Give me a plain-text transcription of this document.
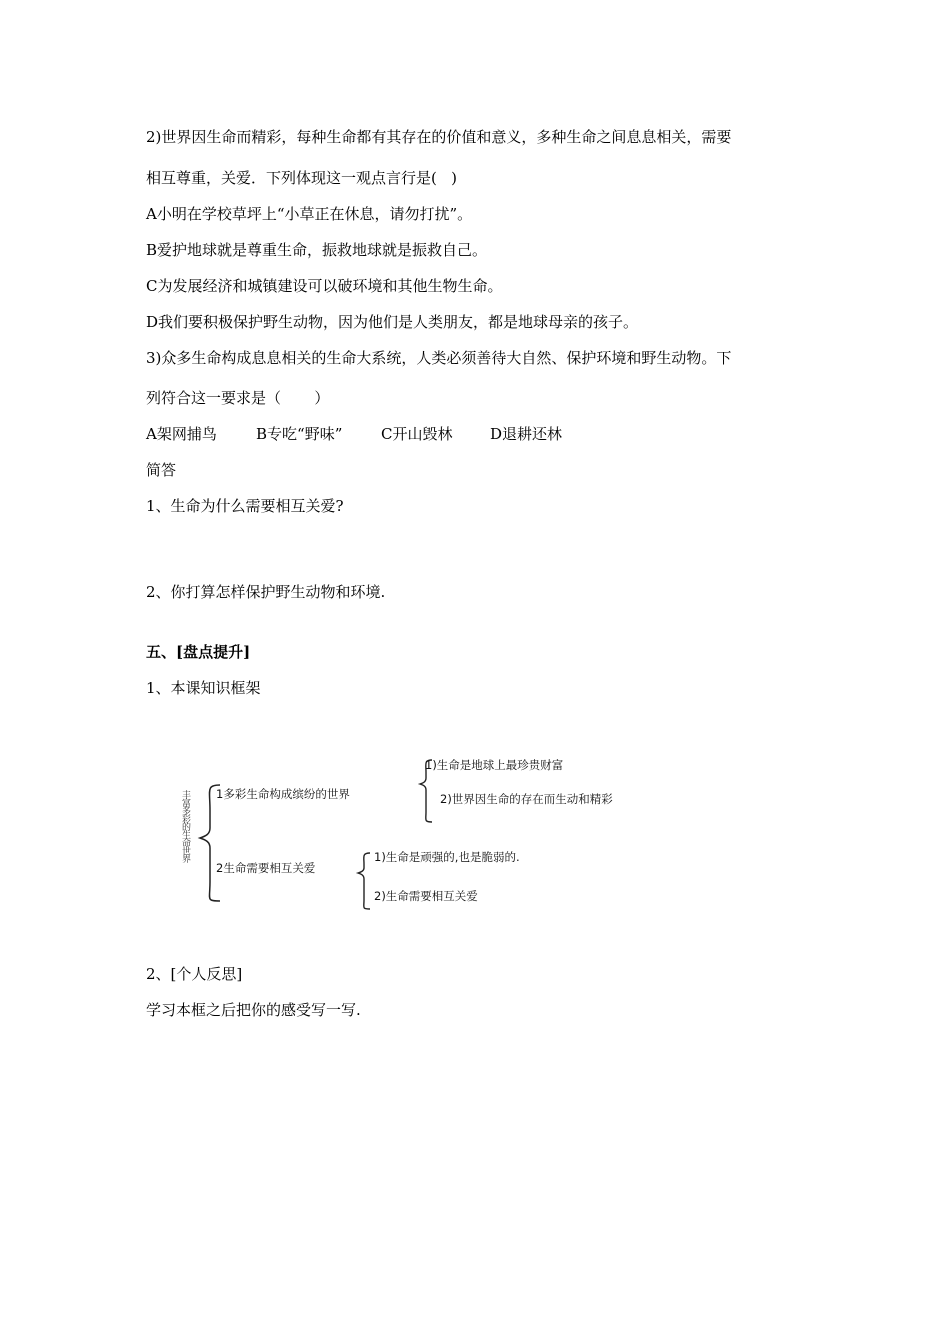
2)世界因生命而精彩，每种生命都有其存在的价值和意义，多种生命之间息息相关，需要
相互尊重，关爱．下列体现这一观点言行是(   )
A小明在学校草坪上“小草正在休息，请勿打扰”。
B爱护地球就是尊重生命，振救地球就是振救自己。
C为发展经济和城镇建设可以破环境和其他生物生命。
D我们要积极保护野生动物，因为他们是人类朋友，都是地球母亲的孩子。
3)众多生命构成息息相关的生命大系统，人类必须善待大自然、保护环境和野生动物。下
列符合这一要求是（       ）
A架网捕鸟	B专吃“野味”	C开山毁林	D退耕还林
简答
1、生命为什么需要相互关爱?
2、你打算怎样保护野生动物和环境.
五、[盘点提升]
1、本课知识框架
丰富多彩的生命世界 1多彩生命构成缤纷的世界
1)生命是地球上最珍贵财富
2)世界因生命的存在而生动和精彩
2生命需要相互关爱
1)生命是顽强的,也是脆弱的.
2)生命需要相互关爱
2、[个人反思]
学习本框之后把你的感受写一写.
